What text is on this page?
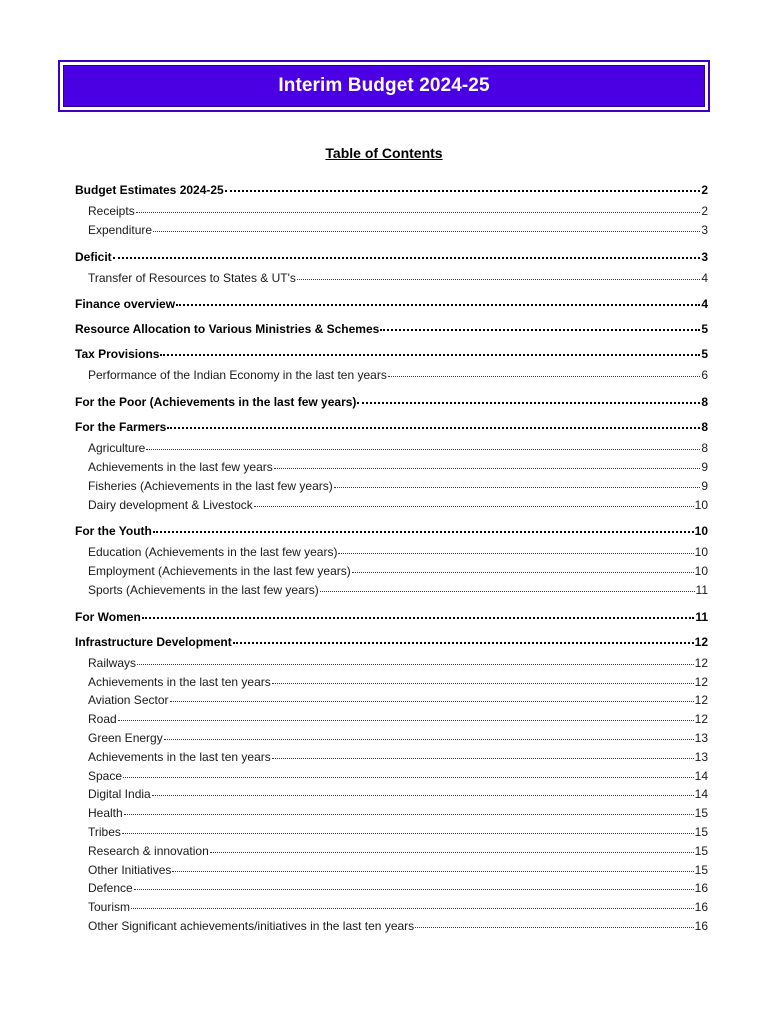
Interim Budget 2024-25
Table of Contents
Budget Estimates 2024-25	2
Receipts	2
Expenditure	3
Deficit	3
Transfer of Resources to States & UT's	4
Finance overview	4
Resource Allocation to Various Ministries & Schemes	5
Tax Provisions	5
Performance of the Indian Economy in the last ten years	6
For the Poor (Achievements in the last few years)	8
For the Farmers	8
Agriculture	8
Achievements in the last few years	9
Fisheries (Achievements in the last few years)	9
Dairy development & Livestock	10
For the Youth	10
Education (Achievements in the last few years)	10
Employment (Achievements in the last few years)	10
Sports (Achievements in the last few years)	11
For Women	11
Infrastructure Development	12
Railways	12
Achievements in the last ten years	12
Aviation Sector	12
Road	12
Green Energy	13
Achievements in the last ten years	13
Space	14
Digital India	14
Health	15
Tribes	15
Research & innovation	15
Other Initiatives	15
Defence	16
Tourism	16
Other Significant achievements/initiatives in the last ten years	16
